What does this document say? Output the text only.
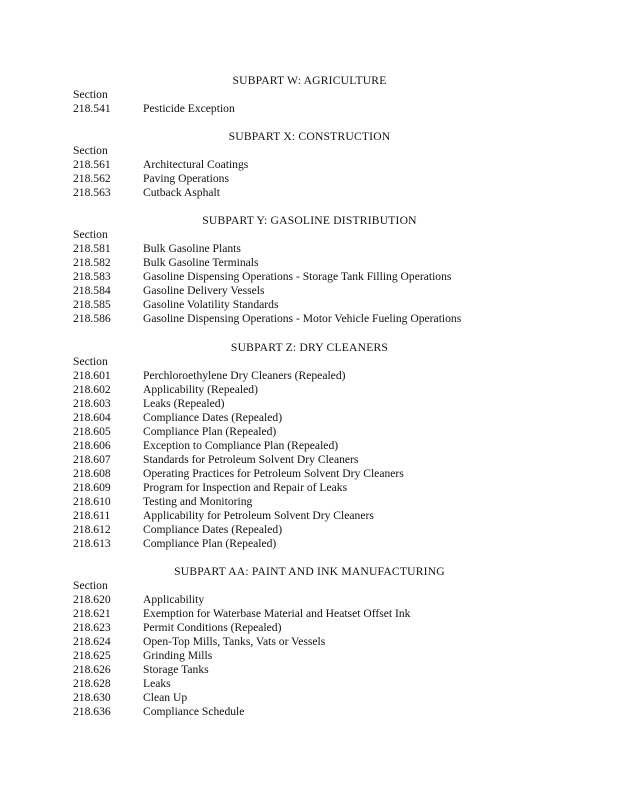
SUBPART W: AGRICULTURE
Section
218.541	Pesticide Exception
SUBPART X: CONSTRUCTION
Section
218.561	Architectural Coatings
218.562	Paving Operations
218.563	Cutback Asphalt
SUBPART Y: GASOLINE DISTRIBUTION
Section
218.581	Bulk Gasoline Plants
218.582	Bulk Gasoline Terminals
218.583	Gasoline Dispensing Operations - Storage Tank Filling Operations
218.584	Gasoline Delivery Vessels
218.585	Gasoline Volatility Standards
218.586	Gasoline Dispensing Operations - Motor Vehicle Fueling Operations
SUBPART Z: DRY CLEANERS
Section
218.601	Perchloroethylene Dry Cleaners (Repealed)
218.602	Applicability (Repealed)
218.603	Leaks (Repealed)
218.604	Compliance Dates (Repealed)
218.605	Compliance Plan (Repealed)
218.606	Exception to Compliance Plan (Repealed)
218.607	Standards for Petroleum Solvent Dry Cleaners
218.608	Operating Practices for Petroleum Solvent Dry Cleaners
218.609	Program for Inspection and Repair of Leaks
218.610	Testing and Monitoring
218.611	Applicability for Petroleum Solvent Dry Cleaners
218.612	Compliance Dates (Repealed)
218.613	Compliance Plan (Repealed)
SUBPART AA: PAINT AND INK MANUFACTURING
Section
218.620	Applicability
218.621	Exemption for Waterbase Material and Heatset Offset Ink
218.623	Permit Conditions (Repealed)
218.624	Open-Top Mills, Tanks, Vats or Vessels
218.625	Grinding Mills
218.626	Storage Tanks
218.628	Leaks
218.630	Clean Up
218.636	Compliance Schedule
